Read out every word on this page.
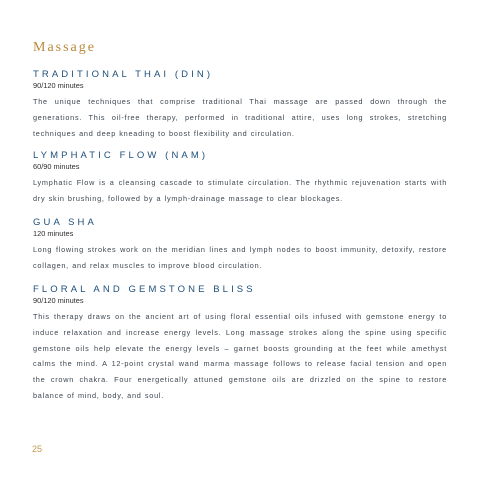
Massage
TRADITIONAL THAI (DIN)

90/120 minutes

The unique techniques that comprise traditional Thai massage are passed down through the generations. This oil-free therapy, performed in traditional attire, uses long strokes, stretching techniques and deep kneading to boost flexibility and circulation.

LYMPHATIC FLOW (NAM)

60/90 minutes

Lymphatic Flow is a cleansing cascade to stimulate circulation. The rhythmic rejuvenation starts with dry skin brushing, followed by a lymph-drainage massage to clear blockages.

GUA SHA

120 minutes

Long flowing strokes work on the meridian lines and lymph nodes to boost immunity, detoxify, restore collagen, and relax muscles to improve blood circulation.

FLORAL AND GEMSTONE BLISS

90/120 minutes

This therapy draws on the ancient art of using floral essential oils infused with gemstone energy to induce relaxation and increase energy levels. Long massage strokes along the spine using specific gemstone oils help elevate the energy levels – garnet boosts grounding at the feet while amethyst calms the mind. A 12-point crystal wand marma massage follows to release facial tension and open the crown chakra. Four energetically attuned gemstone oils are drizzled on the spine to restore balance of mind, body, and soul.

25
